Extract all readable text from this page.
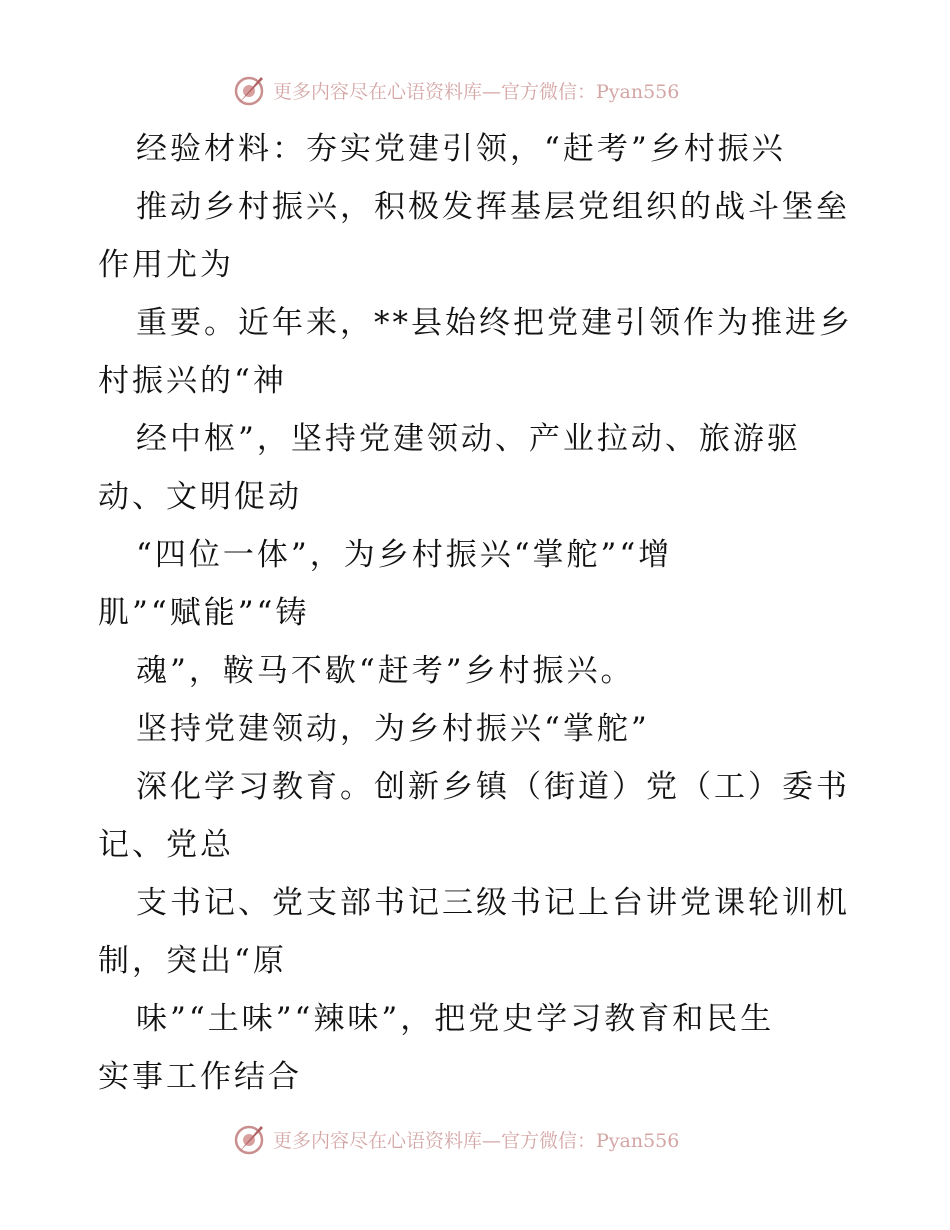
更多内容尽在心语资料库—官方微信：Pyan556
经验材料：夯实党建引领，“赶考”乡村振兴
推动乡村振兴，积极发挥基层党组织的战斗堡垒
作用尤为
重要。近年来，**县始终把党建引领作为推进乡
村振兴的“神
经中枢”，坚持党建领动、产业拉动、旅游驱
动、文明促动
“四位一体”，为乡村振兴“掌舵”“增
肌”“赋能”“铸
魂”，鞍马不歇“赶考”乡村振兴。
坚持党建领动，为乡村振兴“掌舵”
深化学习教育。创新乡镇（街道）党（工）委书
记、党总
支书记、党支部书记三级书记上台讲党课轮训机
制，突出“原
味”“土味”“辣味”，把党史学习教育和民生
实事工作结合
更多内容尽在心语资料库—官方微信：Pyan556
